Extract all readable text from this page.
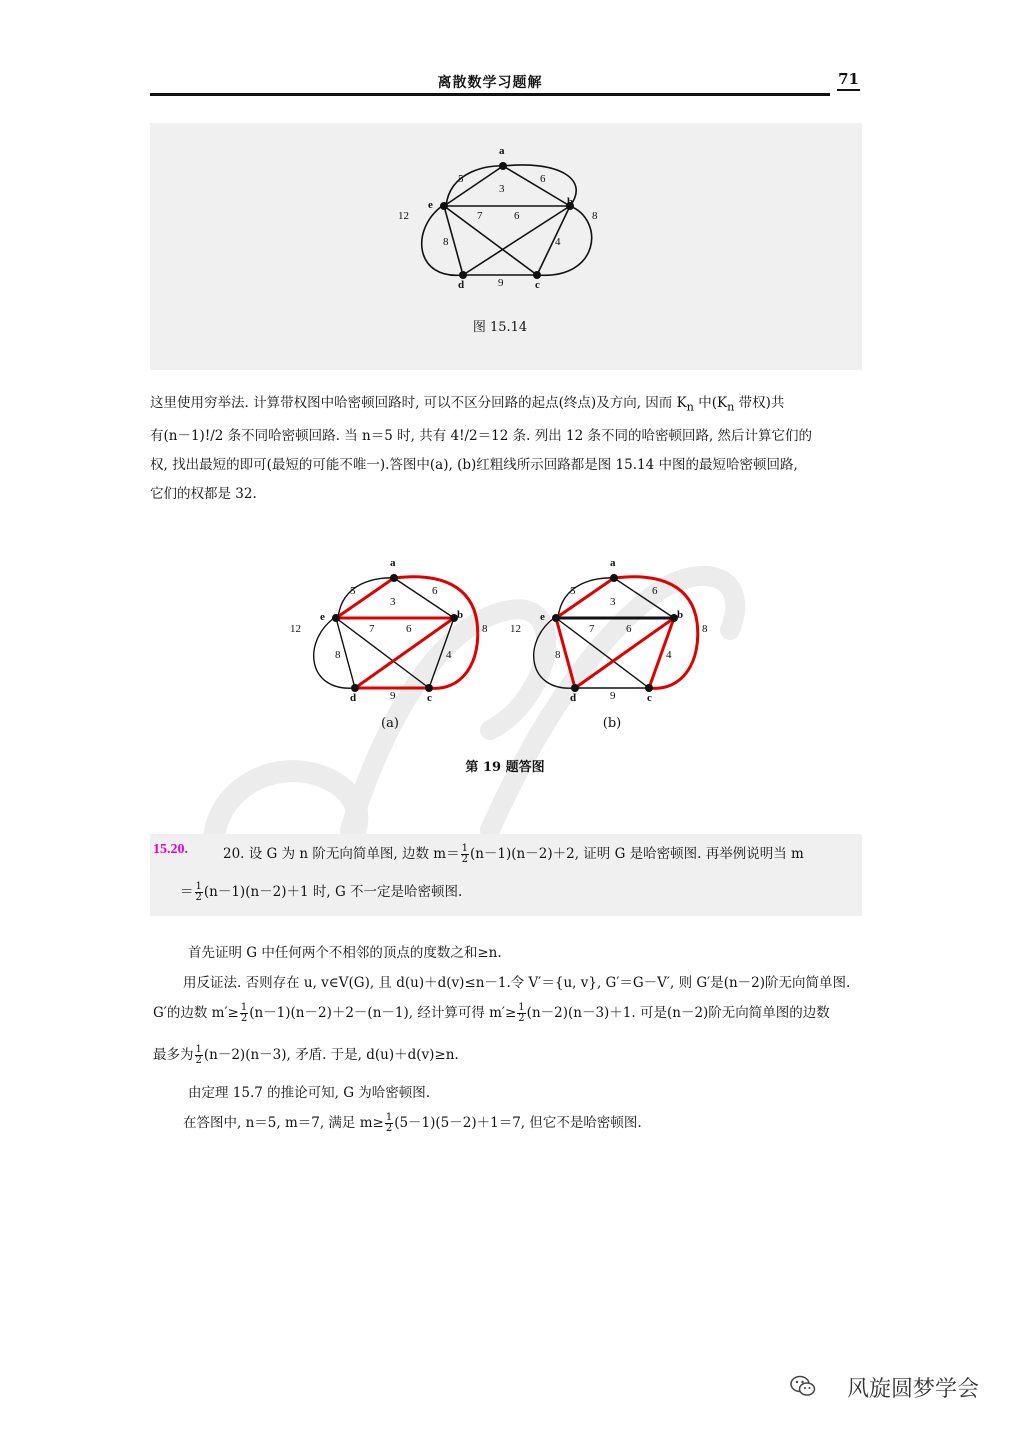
离散数学习题解	71
a
e	b
d	c
5	6
3
7	6
12	8
8	4
9
图 15.14

这里使用穷举法. 计算带权图中哈密顿回路时, 可以不区分回路的起点(终点)及方向, 因而 $K_n$ 中($K_n$ 带权)共

有(n－1)!/2 条不同哈密顿回路. 当 n＝5 时, 共有 4!/2＝12 条. 列出 12 条不同的哈密顿回路, 然后计算它们的

权, 找出最短的即可(最短的可能不唯一).答图中(a), (b)红粗线所示回路都是图 15.14 中图的最短哈密顿回路,

它们的权都是 32.

a
e	b
d	c
5	6
3
7	6
12	8
8	4
9
(a)
a
e	b
d	c
5	6
3
7	6
12	8
8	4
9
(b)
第 19 题答图
15.20.	20. 设 G 为 n 阶无向简单图, 边数 $m= \frac{1}{2} (n-1)(n-2)+2$, 证明 G 是哈密顿图. 再举例说明当 m
＝ $\frac{1}{2} (n-1)(n-2)+1$ 时, G 不一定是哈密顿图.
首先证明 G 中任何两个不相邻的顶点的度数之和≥n.
用反证法. 否则存在 u, v∈V(G), 且 d(u)＋d(v)≤n－1.令 V′＝{u, v}, G′＝G－V′, 则 G′是(n－2)阶无向简单图.
G′的边数 $m'\ge \frac{1}{2} (n-1)(n-2)+2-(n-1)$, 经计算可得 $m'\ge \frac{1}{2} (n-2)(n-3)+1$. 可是(n－2)阶无向简单图的边数
最多为 $\frac{1}{2} (n-2)(n-3)$, 矛盾. 于是, d(u)＋d(v)≥n.
由定理 15.7 的推论可知, G 为哈密顿图.
在答图中, n＝5, m＝7, 满足 $m\ge \frac{1}{2} (5-1)(5-2)+1=7$, 但它不是哈密顿图.
风旋圆梦学会
